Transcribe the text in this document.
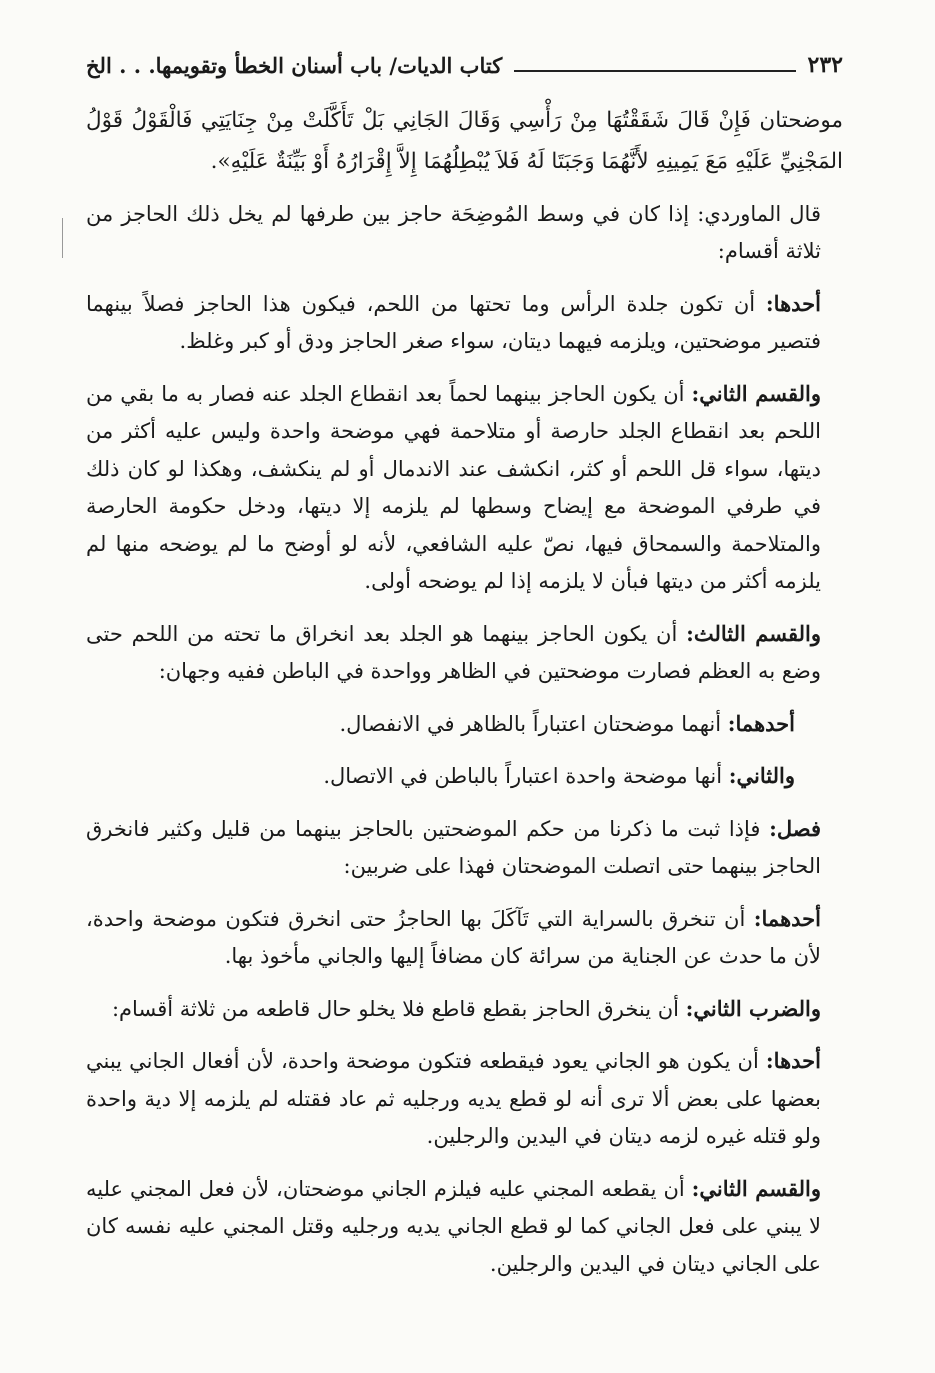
٢٣٢
كتاب الديات/ باب أسنان الخطأ وتقويمها. . . الخ
موضحتان فَإِنْ قَالَ شَقَقْتُهَا مِنْ رَأْسِي وَقَالَ الجَانِي بَلْ تَأَكَّلَتْ مِنْ جِنَايَتِي فَالْقَوْلُ قَوْلُ المَجْنِيِّ عَلَيْهِ مَعَ يَمِينِهِ لأَنَّهُمَا وَجَبَتَا لَهُ فَلاَ يُبْطِلُهُمَا إِلاَّ إِقْرَارُهُ أَوْ بَيِّنَةٌ عَلَيْهِ».
قال الماوردي: إذا كان في وسط المُوضِحَة حاجز بين طرفها لم يخل ذلك الحاجز من ثلاثة أقسام:
أحدها: أن تكون جلدة الرأس وما تحتها من اللحم، فيكون هذا الحاجز فصلاً بينهما فتصير موضحتين، ويلزمه فيهما ديتان، سواء صغر الحاجز ودق أو كبر وغلظ.
والقسم الثاني: أن يكون الحاجز بينهما لحماً بعد انقطاع الجلد عنه فصار به ما بقي من اللحم بعد انقطاع الجلد حارصة أو متلاحمة فهي موضحة واحدة وليس عليه أكثر من ديتها، سواء قل اللحم أو كثر، انكشف عند الاندمال أو لم ينكشف، وهكذا لو كان ذلك في طرفي الموضحة مع إيضاح وسطها لم يلزمه إلا ديتها، ودخل حكومة الحارصة والمتلاحمة والسمحاق فيها، نصّ عليه الشافعي، لأنه لو أوضح ما لم يوضحه منها لم يلزمه أكثر من ديتها فبأن لا يلزمه إذا لم يوضحه أولى.
والقسم الثالث: أن يكون الحاجز بينهما هو الجلد بعد انخراق ما تحته من اللحم حتى وضع به العظم فصارت موضحتين في الظاهر وواحدة في الباطن ففيه وجهان:
أحدهما: أنهما موضحتان اعتباراً بالظاهر في الانفصال.
والثاني: أنها موضحة واحدة اعتباراً بالباطن في الاتصال.
فصل: فإذا ثبت ما ذكرنا من حكم الموضحتين بالحاجز بينهما من قليل وكثير فانخرق الحاجز بينهما حتى اتصلت الموضحتان فهذا على ضربين:
أحدهما: أن تنخرق بالسراية التي تَآكَلَ بها الحاجزُ حتى انخرق فتكون موضحة واحدة، لأن ما حدث عن الجناية من سرائة كان مضافاً إليها والجاني مأخوذ بها.
والضرب الثاني: أن ينخرق الحاجز بقطع قاطع فلا يخلو حال قاطعه من ثلاثة أقسام:
أحدها: أن يكون هو الجاني يعود فيقطعه فتكون موضحة واحدة، لأن أفعال الجاني يبني بعضها على بعض ألا ترى أنه لو قطع يديه ورجليه ثم عاد فقتله لم يلزمه إلا دية واحدة ولو قتله غيره لزمه ديتان في اليدين والرجلين.
والقسم الثاني: أن يقطعه المجني عليه فيلزم الجاني موضحتان، لأن فعل المجني عليه لا يبني على فعل الجاني كما لو قطع الجاني يديه ورجليه وقتل المجني عليه نفسه كان على الجاني ديتان في اليدين والرجلين.
